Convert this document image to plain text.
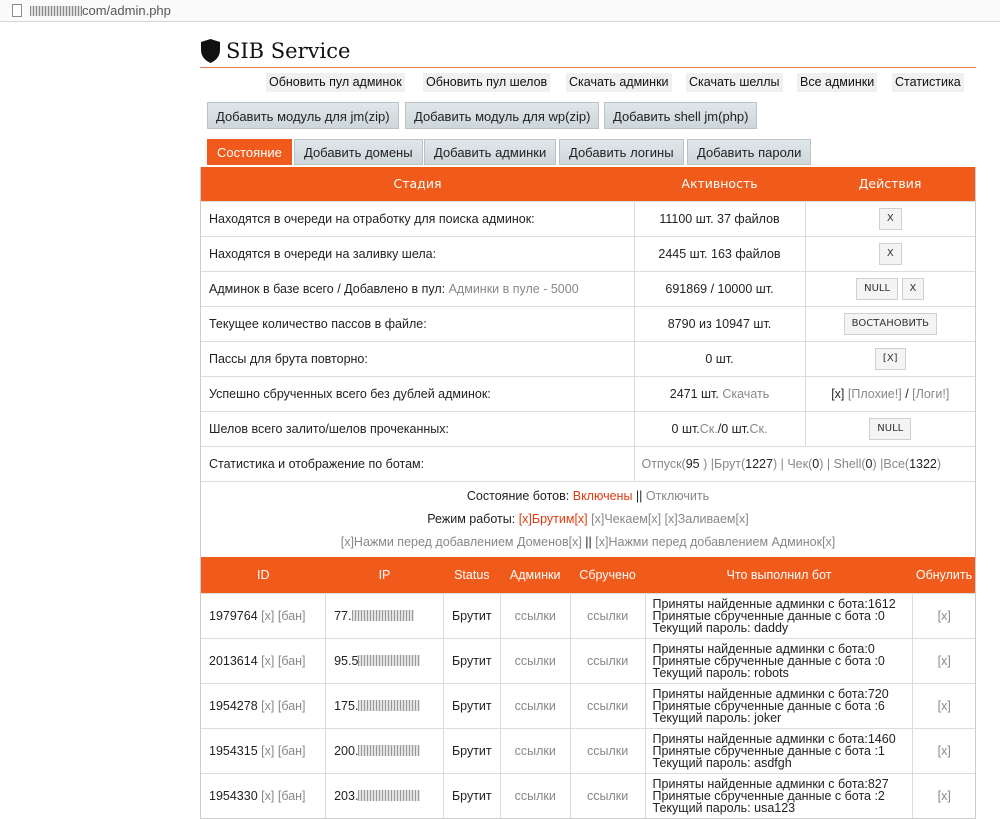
com/admin.php
SIB Service
Обновить пул админок Обновить пул шелов Скачать админки Скачать шеллы Все админки Статистика
Добавить модуль для jm(zip)	Добавить модуль для wp(zip)	Добавить shell jm(php)
Состояние	Добавить домены	Добавить админки	Добавить логины	Добавить пароли
Стадия	Активность	Действия
Находятся в очереди на отработку для поиска админок:	11100 шт. 37 файлов	X
Находятся в очереди на заливку шела:	2445 шт. 163 файлов	X
Админок в базе всего / Добавлено в пул: Админки в пуле - 5000	691869 / 10000 шт.	NULL X
Текущее количество пассов в файле:	8790 из 10947 шт.	ВОСТАНОВИТЬ
Пассы для брута повторно:	0 шт.	[X]
Успешно сбрученных всего без дублей админок:	2471 шт. Скачать	[x] [Плохие!] / [Логи!]
Шелов всего залито/шелов прочеканных:	0 шт.Ск./0 шт.Ск.	NULL
Статистика и отображение по ботам:	Отпуск(95 ) |Брут(1227) | Чек(0) | Shell(0) |Все(1322)	
Состояние ботов: Включены || Отключить
Режим работы: [x]Брутим[x] [x]Чекаем[x] [x]Заливаем[x]
[x]Нажми перед добавлением Доменов[x] || [x]Нажми перед добавлением Админок[x]
ID	IP	Status	Админки	Сбручено	Что выполнил бот	Обнулить
1979764 [x] [бан]	77.	Брутит	ссылки	ссылки	Приняты найденные админки с бота:1612
Принятые сбрученные данные с бота :0
Текущий пароль: daddy	[x]
2013614 [x] [бан]	95.5	Брутит	ссылки	ссылки	Приняты найденные админки с бота:0
Принятые сбрученные данные с бота :0
Текущий пароль: robots	[x]
1954278 [x] [бан]	175.	Брутит	ссылки	ссылки	Приняты найденные админки с бота:720
Принятые сбрученные данные с бота :6
Текущий пароль: joker	[x]
1954315 [x] [бан]	200.	Брутит	ссылки	ссылки	Приняты найденные админки с бота:1460
Принятые сбрученные данные с бота :1
Текущий пароль: asdfgh	[x]
1954330 [x] [бан]	203.	Брутит	ссылки	ссылки	Приняты найденные админки с бота:827
Принятые сбрученные данные с бота :2
Текущий пароль: usa123	[x]
